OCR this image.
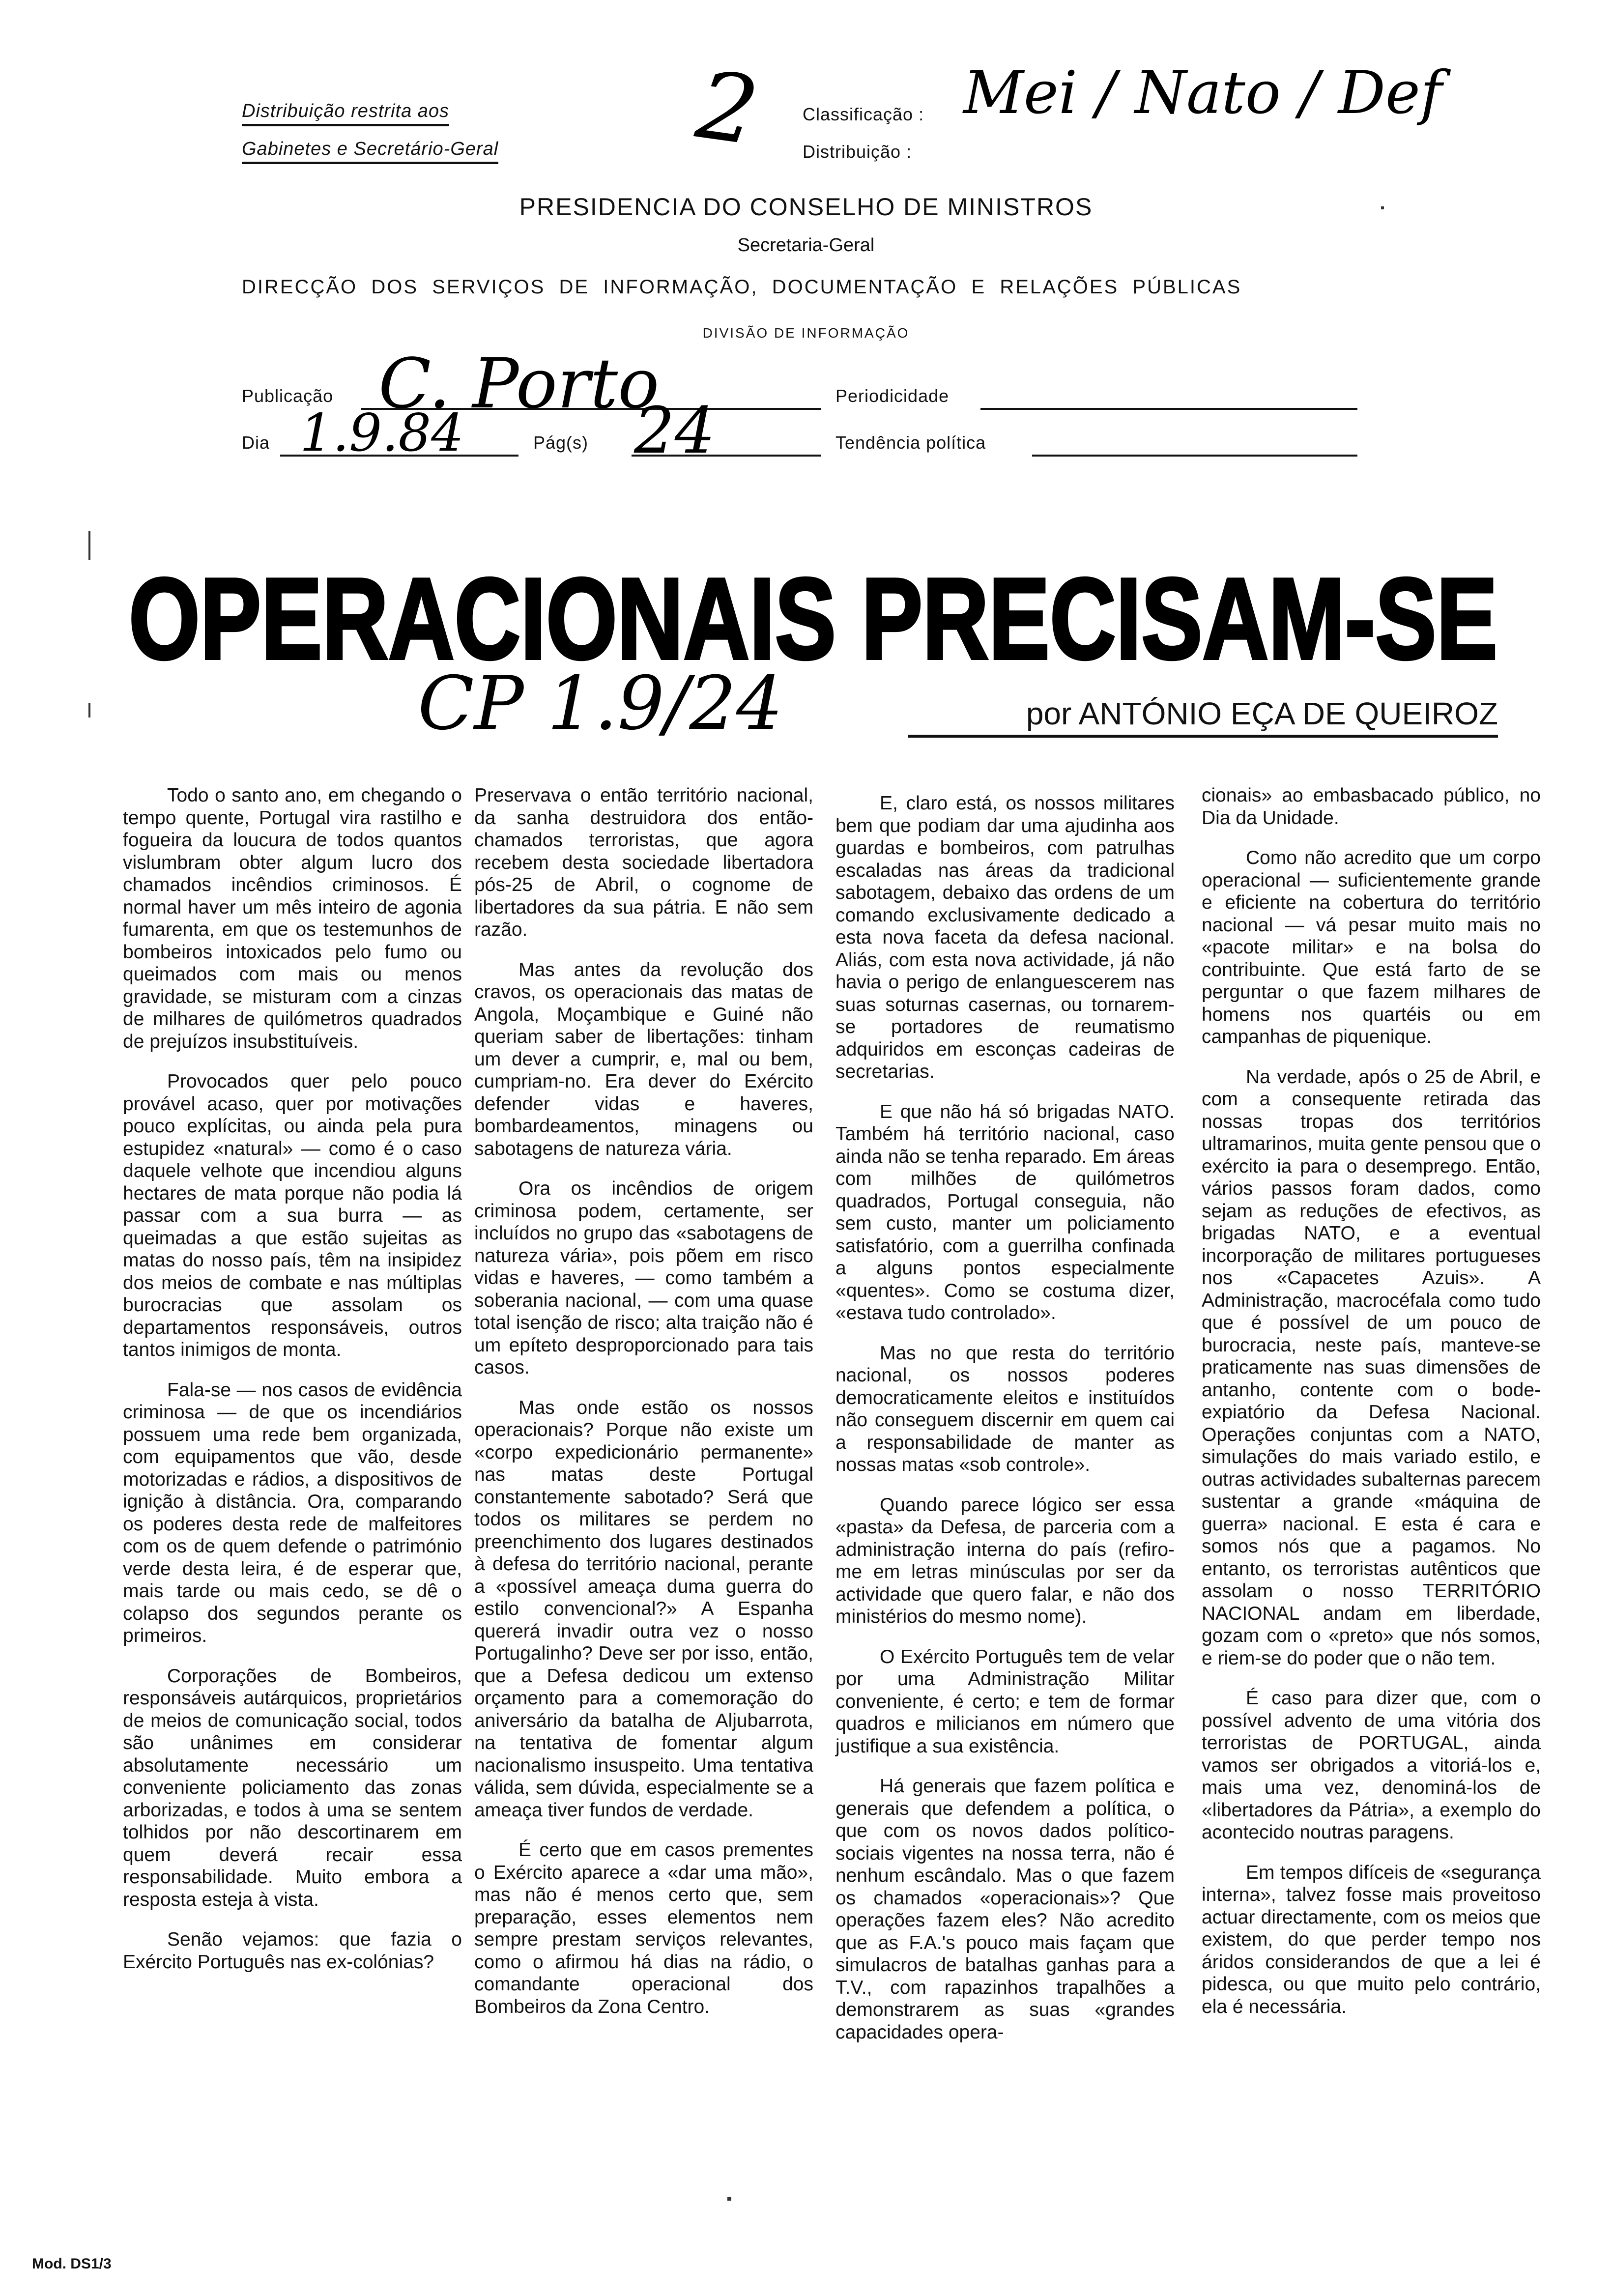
Distribuição restrita aos
Gabinetes e Secretário-Geral 2 Classificação :
Distribuição :
Mei / Nato / Def
PRESIDENCIA DO CONSELHO DE MINISTROS
Secretaria-Geral
DIRECÇÃO  DOS  SERVIÇOS  DE  INFORMAÇÃO,  DOCUMENTAÇÃO  E  RELAÇÕES  PÚBLICAS
DIVISÃO DE INFORMAÇÃO
Publicação C. Porto	Periodicidade
Dia 1.9.84	Pág(s) 24	Tendência política
OPERACIONAIS PRECISAM-SE
CP 1.9/24	por ANTÓNIO EÇA DE QUEIROZ

Todo o santo ano, em chegando o tempo quente, Portugal vira rastilho e fogueira da loucura de todos quantos vislumbram obter algum lucro dos chamados incêndios criminosos. É normal haver um mês inteiro de agonia fumarenta, em que os testemunhos de bombeiros intoxicados pelo fumo ou queimados com mais ou menos gravidade, se misturam com a cinzas de milhares de quilómetros quadrados de prejuízos insubstituíveis.

Provocados quer pelo pouco provável acaso, quer por motivações pouco explícitas, ou ainda pela pura estupidez «natural» — como é o caso daquele velhote que incendiou alguns hectares de mata porque não podia lá passar com a sua burra — as queimadas a que estão sujeitas as matas do nosso país, têm na insipidez dos meios de combate e nas múltiplas burocracias que assolam os departamentos responsáveis, outros tantos inimigos de monta.

Fala-se — nos casos de evidência criminosa — de que os incendiários possuem uma rede bem organizada, com equipamentos que vão, desde motorizadas e rádios, a dispositivos de ignição à distância. Ora, comparando os poderes desta rede de malfeitores com os de quem defende o património verde desta leira, é de esperar que, mais tarde ou mais cedo, se dê o colapso dos segundos perante os primeiros.

Corporações de Bombeiros, responsáveis autárquicos, proprietários de meios de comunicação social, todos são unânimes em considerar absolutamente necessário um conveniente policiamento das zonas arborizadas, e todos à uma se sentem tolhidos por não descortinarem em quem deverá recair essa responsabilidade. Muito embora a resposta esteja à vista.

Senão vejamos: que fazia o Exército Português nas ex-colónias?

Preservava o então território nacional, da sanha destruidora dos então-chamados terroristas, que agora recebem desta sociedade libertadora pós-25 de Abril, o cognome de libertadores da sua pátria. E não sem razão.

Mas antes da revolução dos cravos, os operacionais das matas de Angola, Moçambique e Guiné não queriam saber de libertações: tinham um dever a cumprir, e, mal ou bem, cumpriam-no. Era dever do Exército defender vidas e haveres, bombardeamentos, minagens ou sabotagens de natureza vária.

Ora os incêndios de origem criminosa podem, certamente, ser incluídos no grupo das «sabotagens de natureza vária», pois põem em risco vidas e haveres, — como também a soberania nacional, — com uma quase total isenção de risco; alta traição não é um epíteto desproporcionado para tais casos.

Mas onde estão os nossos operacionais? Porque não existe um «corpo expedicionário permanente» nas matas deste Portugal constantemente sabotado? Será que todos os militares se perdem no preenchimento dos lugares destinados à defesa do território nacional, perante a «possível ameaça duma guerra do estilo convencional?» A Espanha quererá invadir outra vez o nosso Portugalinho? Deve ser por isso, então, que a Defesa dedicou um extenso orçamento para a comemoração do aniversário da batalha de Aljubarrota, na tentativa de fomentar algum nacionalismo insuspeito. Uma tentativa válida, sem dúvida, especialmente se a ameaça tiver fundos de verdade.

É certo que em casos prementes o Exército aparece a «dar uma mão», mas não é menos certo que, sem preparação, esses elementos nem sempre prestam serviços relevantes, como o afirmou há dias na rádio, o comandante operacional dos Bombeiros da Zona Centro.

E, claro está, os nossos militares bem que podiam dar uma ajudinha aos guardas e bombeiros, com patrulhas escaladas nas áreas da tradicional sabotagem, debaixo das ordens de um comando exclusivamente dedicado a esta nova faceta da defesa nacional. Aliás, com esta nova actividade, já não havia o perigo de enlanguescerem nas suas soturnas casernas, ou tornarem-se portadores de reumatismo adquiridos em esconças cadeiras de secretarias.

E que não há só brigadas NATO. Também há território nacional, caso ainda não se tenha reparado. Em áreas com milhões de quilómetros quadrados, Portugal conseguia, não sem custo, manter um policiamento satisfatório, com a guerrilha confinada a alguns pontos especialmente «quentes». Como se costuma dizer, «estava tudo controlado».

Mas no que resta do território nacional, os nossos poderes democraticamente eleitos e instituídos não conseguem discernir em quem cai a responsabilidade de manter as nossas matas «sob controle».

Quando parece lógico ser essa «pasta» da Defesa, de parceria com a administração interna do país (refiro-me em letras minúsculas por ser da actividade que quero falar, e não dos ministérios do mesmo nome).

O Exército Português tem de velar por uma Administração Militar conveniente, é certo; e tem de formar quadros e milicianos em número que justifique a sua existência.

Há generais que fazem política e generais que defendem a política, o que com os novos dados político-sociais vigentes na nossa terra, não é nenhum escândalo. Mas o que fazem os chamados «operacionais»? Que operações fazem eles? Não acredito que as F.A.'s pouco mais façam que simulacros de batalhas ganhas para a T.V., com rapazinhos trapalhões a demonstrarem as suas «grandes capacidades opera-

cionais» ao embasbacado público, no Dia da Unidade.

Como não acredito que um corpo operacional — suficientemente grande e eficiente na cobertura do território nacional — vá pesar muito mais no «pacote militar» e na bolsa do contribuinte. Que está farto de se perguntar o que fazem milhares de homens nos quartéis ou em campanhas de piquenique.

Na verdade, após o 25 de Abril, e com a consequente retirada das nossas tropas dos territórios ultramarinos, muita gente pensou que o exército ia para o desemprego. Então, vários passos foram dados, como sejam as reduções de efectivos, as brigadas NATO, e a eventual incorporação de militares portugueses nos «Capacetes Azuis». A Administração, macrocéfala como tudo que é possível de um pouco de burocracia, neste país, manteve-se praticamente nas suas dimensões de antanho, contente com o bode-expiatório da Defesa Nacional. Operações conjuntas com a NATO, simulações do mais variado estilo, e outras actividades subalternas parecem sustentar a grande «máquina de guerra» nacional. E esta é cara e somos nós que a pagamos. No entanto, os terroristas autênticos que assolam o nosso TERRITÓRIO NACIONAL andam em liberdade, gozam com o «preto» que nós somos, e riem-se do poder que o não tem.

É caso para dizer que, com o possível advento de uma vitória dos terroristas de PORTUGAL, ainda vamos ser obrigados a vitoriá-los e, mais uma vez, denominá-los de «libertadores da Pátria», a exemplo do acontecido noutras paragens.

Em tempos difíceis de «segurança interna», talvez fosse mais proveitoso actuar directamente, com os meios que existem, do que perder tempo nos áridos considerandos de que a lei é pidesca, ou que muito pelo contrário, ela é necessária.

Mod. DS1/3
